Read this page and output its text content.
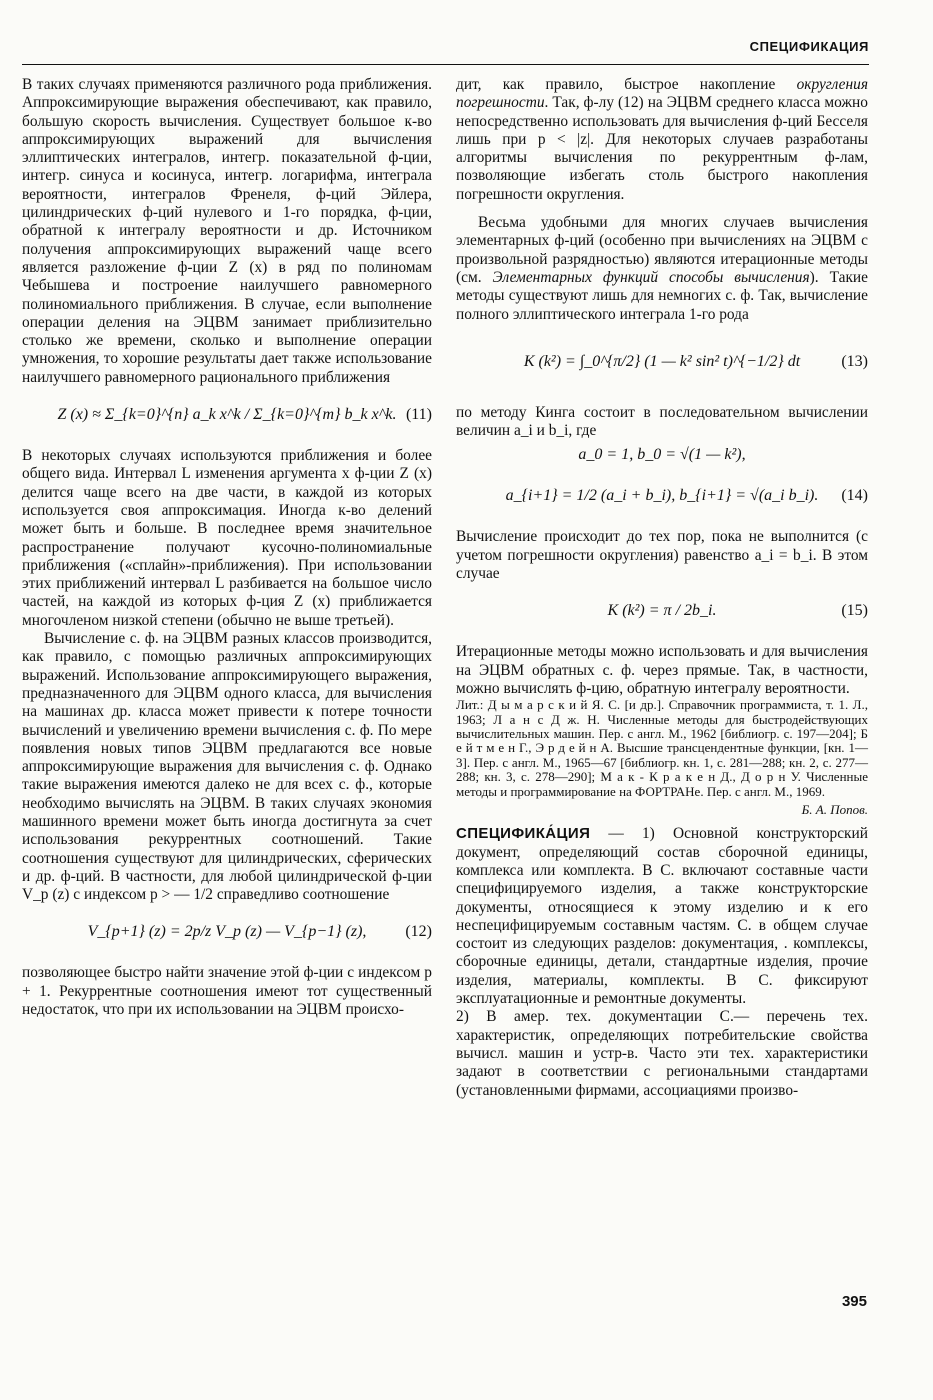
СПЕЦИФИКАЦИЯ

В таких случаях применяются различного рода приближения. Аппроксимирующие выражения обеспечивают, как правило, большую скорость вычисления. Существует большое к-во аппроксимирующих выражений для вычисления эллиптических интегралов, интегр. показательной ф-ции, интегр. синуса и косинуса, интегр. логарифма, интеграла вероятности, интегралов Френеля, ф-ций Эйлера, цилиндрических ф-ций нулевого и 1-го порядка, ф-ции, обратной к интегралу вероятности и др. Источником получения аппроксимирующих выражений чаще всего является разложение ф-ции Z (x) в ряд по полиномам Чебышева и построение наилучшего равномерного полиномиального приближения. В случае, если выполнение операции деления на ЭЦВМ занимает приблизительно столько же времени, сколько и выполнение операции умножения, то хорошие результаты дает также использование наилучшего равномерного рационального приближения

Z (x) ≈ Σ_{k=0}^{n} a_k x^k / Σ_{k=0}^{m} b_k x^k. (11)

В некоторых случаях используются приближения и более общего вида. Интервал L изменения аргумента x ф-ции Z (x) делится чаще всего на две части, в каждой из которых используется своя аппроксимация. Иногда к-во делений может быть и больше. В последнее время значительное распространение получают кусочно-полиномиальные приближения («сплайн»-приближения). При использовании этих приближений интервал L разбивается на большое число частей, на каждой из которых ф-ция Z (x) приближается многочленом низкой степени (обычно не выше третьей).

Вычисление с. ф. на ЭЦВМ разных классов производится, как правило, с помощью различных аппроксимирующих выражений. Использование аппроксимирующего выражения, предназначенного для ЭЦВМ одного класса, для вычисления на машинах др. класса может привести к потере точности вычислений и увеличению времени вычисления с. ф. По мере появления новых типов ЭЦВМ предлагаются все новые аппроксимирующие выражения для вычисления с. ф. Однако такие выражения имеются далеко не для всех с. ф., которые необходимо вычислять на ЭЦВМ. В таких случаях экономия машинного времени может быть иногда достигнута за счет использования рекуррентных соотношений. Такие соотношения существуют для цилиндрических, сферических и др. ф-ций. В частности, для любой цилиндрической ф-ции V_p (z) с индексом p > — 1/2 справедливо соотношение

V_{p+1} (z) = 2p/z V_p (z) — V_{p−1} (z), (12)

позволяющее быстро найти значение этой ф-ции с индексом p + 1. Рекуррентные соотношения имеют тот существенный недостаток, что при их использовании на ЭЦВМ происхо-

дит, как правило, быстрое накопление округления погрешности. Так, ф-лу (12) на ЭЦВМ среднего класса можно непосредственно использовать для вычисления ф-ций Бесселя лишь при p < |z|. Для некоторых случаев разработаны алгоритмы вычисления по рекуррентным ф-лам, позволяющие избегать столь быстрого накопления погрешности округления.

Весьма удобными для многих случаев вычисления элементарных ф-ций (особенно при вычислениях на ЭЦВМ с произвольной разрядностью) являются итерационные методы (см. Элементарных функций способы вычисления). Такие методы существуют лишь для немногих с. ф. Так, вычисление полного эллиптического интеграла 1-го рода

K (k²) = ∫_0^{π/2} (1 — k² sin² t)^{−1/2} dt	(13)

по методу Кинга состоит в последовательном вычислении величин a_i и b_i, где

a_0 = 1, b_0 = √(1 — k²),
a_{i+1} = 1/2 (a_i + b_i), b_{i+1} = √(a_i b_i). (14)

Вычисление происходит до тех пор, пока не выполнится (с учетом погрешности округления) равенство a_i = b_i. В этом случае

K (k²) = π / 2b_i.	(15)

Итерационные методы можно использовать и для вычисления на ЭЦВМ обратных с. ф. через прямые. Так, в частности, можно вычислять ф-цию, обратную интегралу вероятности.

Лит.: Д ы м а р с к и й Я. С. [и др.]. Справочник программиста, т. 1. Л., 1963; Л а н с Д ж. Н. Численные методы для быстродействующих вычислительных машин. Пер. с англ. М., 1962 [библиогр. с. 197—204]; Б е й т м е н Г., Э р д е й н А. Высшие трансцендентные функции, [кн. 1—3]. Пер. с англ. М., 1965—67 [библиогр. кн. 1, с. 281—288; кн. 2, с. 277—288; кн. 3, с. 278—290]; М а к - К р а к е н Д., Д о р н У. Численные методы и программирование на ФОРТРАНе. Пер. с англ. М., 1969.

Б. А. Попов.

СПЕЦИФИКА́ЦИЯ — 1) Основной конструкторский документ, определяющий состав сборочной единицы, комплекса или комплекта. В С. включают составные части специфицируемого изделия, а также конструкторские документы, относящиеся к этому изделию и к его неспецифицируемым составным частям. С. в общем случае состоит из следующих разделов: документация, . комплексы, сборочные единицы, детали, стандартные изделия, прочие изделия, материалы, комплекты. В С. фиксируют эксплуатационные и ремонтные документы.

2) В амер. тех. документации С.— перечень тех. характеристик, определяющих потребительские свойства вычисл. машин и устр-в. Часто эти тех. характеристики задают в соответствии с региональными стандартами (установленными фирмами, ассоциациями произво-

395
